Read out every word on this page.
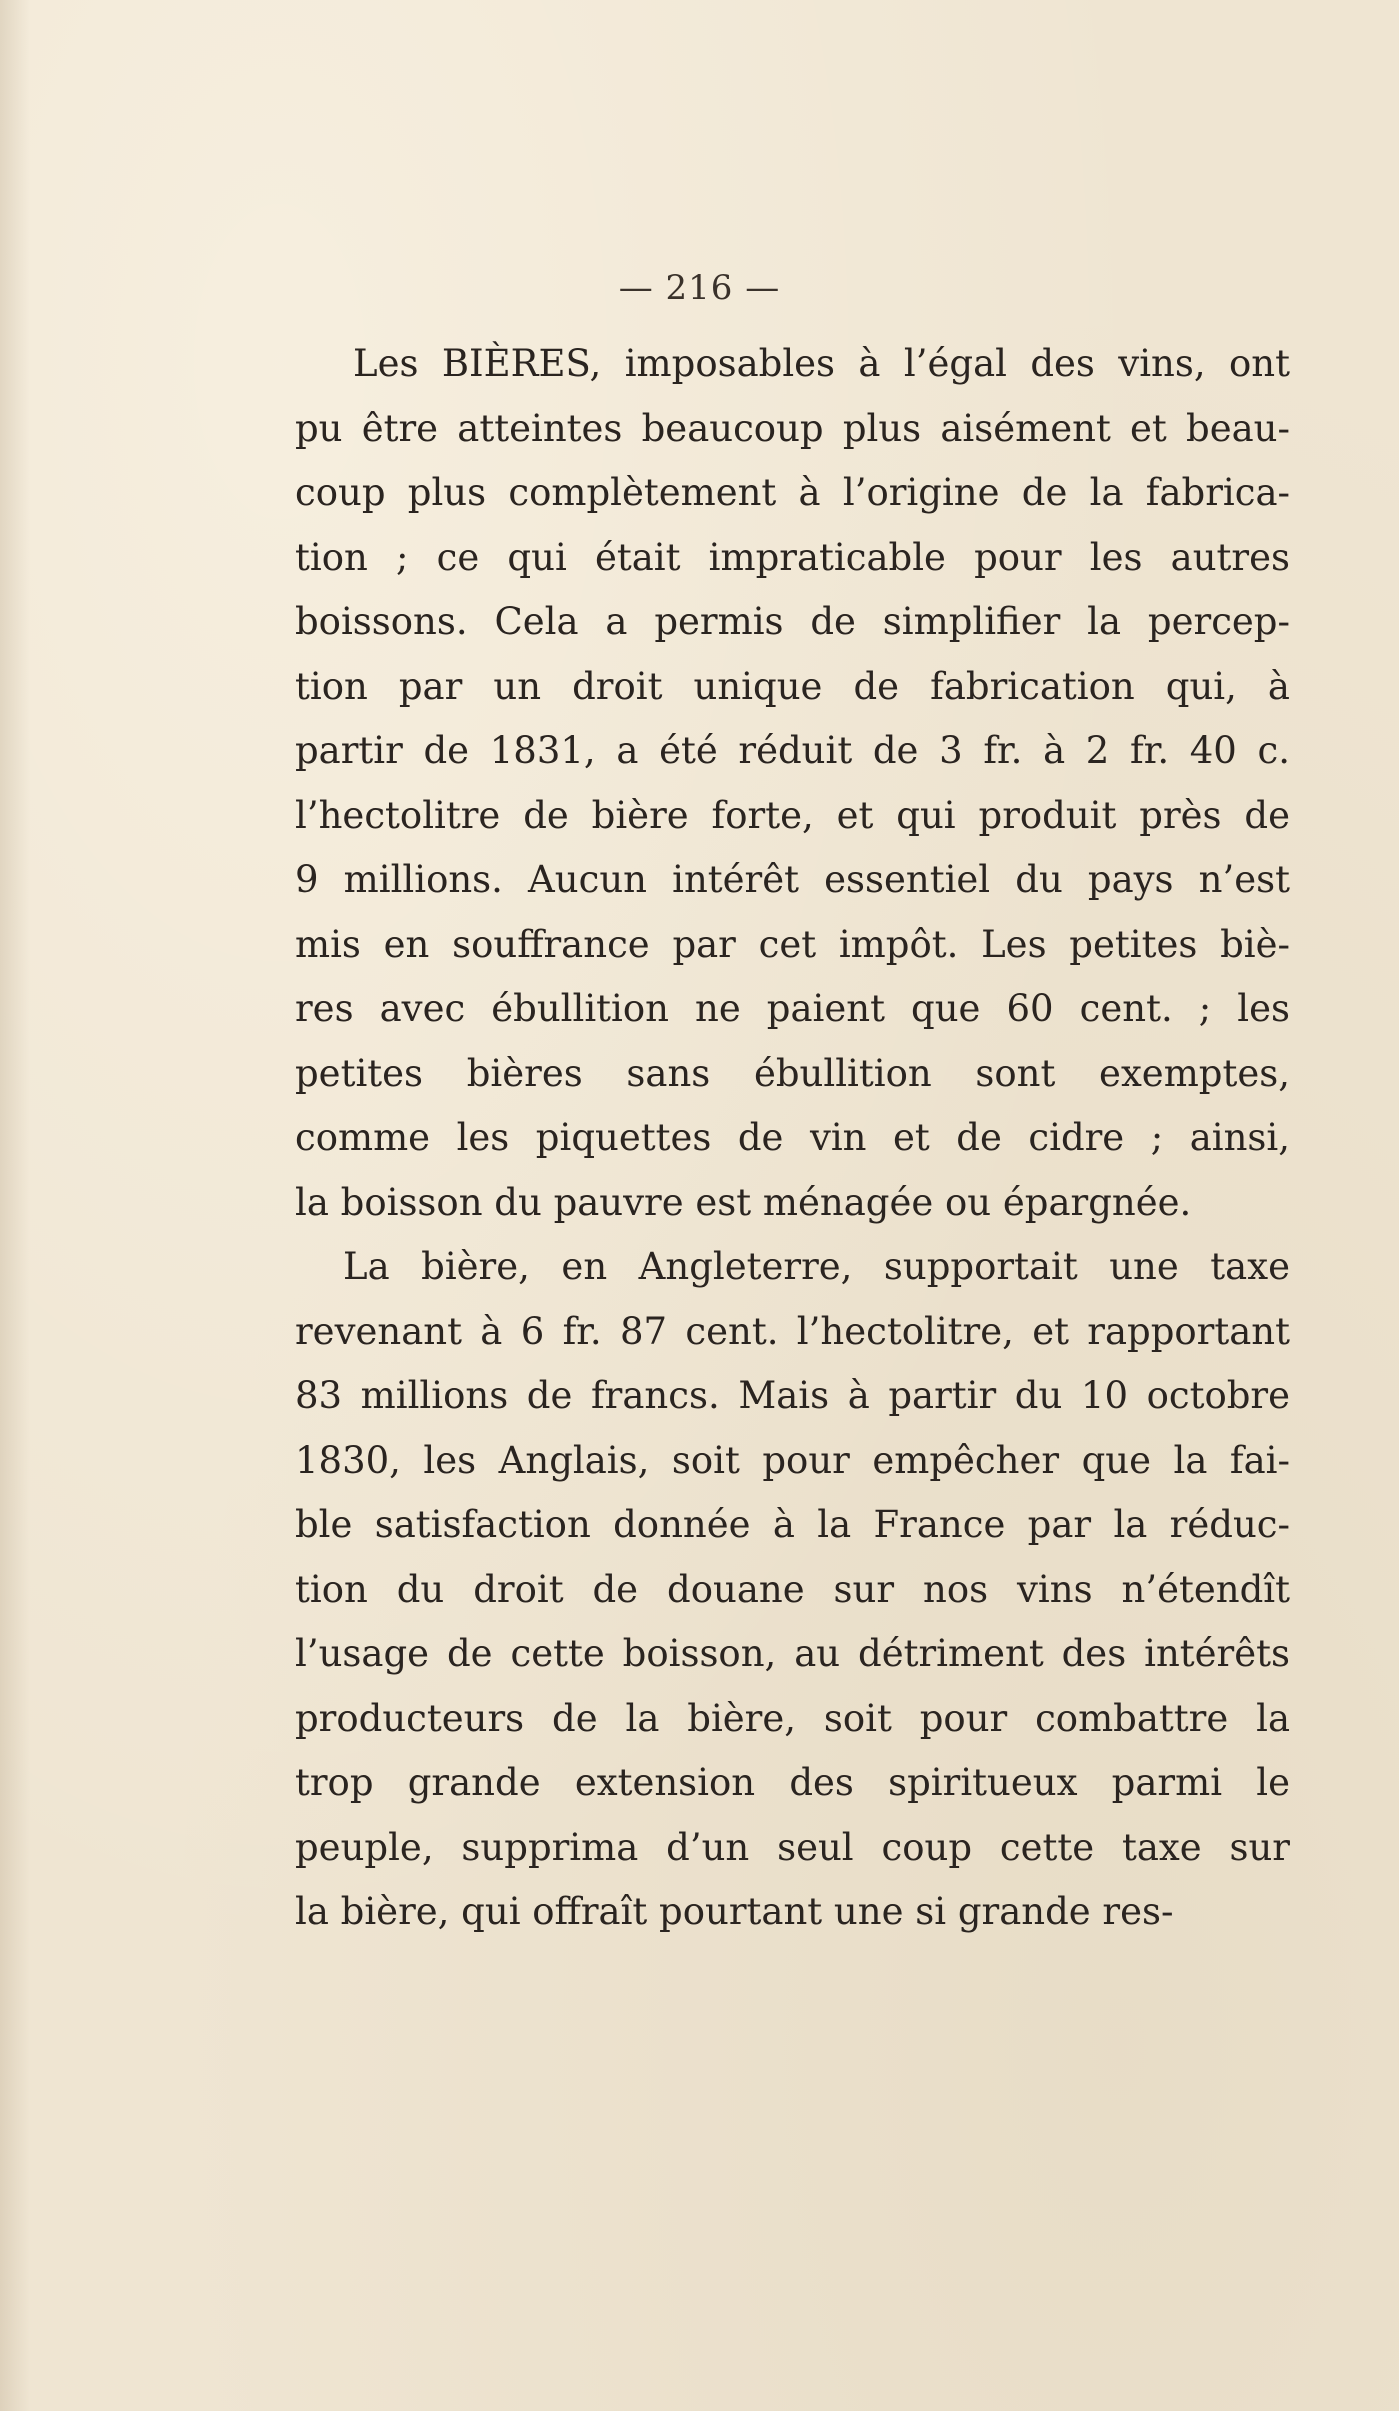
— 216 —
Les BIÈRES, imposables à l’égal des vins, ont
pu être atteintes beaucoup plus aisément et beau-
coup plus complètement à l’origine de la fabrica-
tion ; ce qui était impraticable pour les autres
boissons. Cela a permis de simplifier la percep-
tion par un droit unique de fabrication qui, à
partir de 1831, a été réduit de 3 fr. à 2 fr. 40 c.
l’hectolitre de bière forte, et qui produit près de
9 millions. Aucun intérêt essentiel du pays n’est
mis en souffrance par cet impôt. Les petites biè-
res avec ébullition ne paient que 60 cent. ; les
petites bières sans ébullition sont exemptes,
comme les piquettes de vin et de cidre ; ainsi,
la boisson du pauvre est ménagée ou épargnée.
La bière, en Angleterre, supportait une taxe
revenant à 6 fr. 87 cent. l’hectolitre, et rapportant
83 millions de francs. Mais à partir du 10 octobre
1830, les Anglais, soit pour empêcher que la fai-
ble satisfaction donnée à la France par la réduc-
tion du droit de douane sur nos vins n’étendît
l’usage de cette boisson, au détriment des intérêts
producteurs de la bière, soit pour combattre la
trop grande extension des spiritueux parmi le
peuple, supprima d’un seul coup cette taxe sur
la bière, qui offraît pourtant une si grande res-
